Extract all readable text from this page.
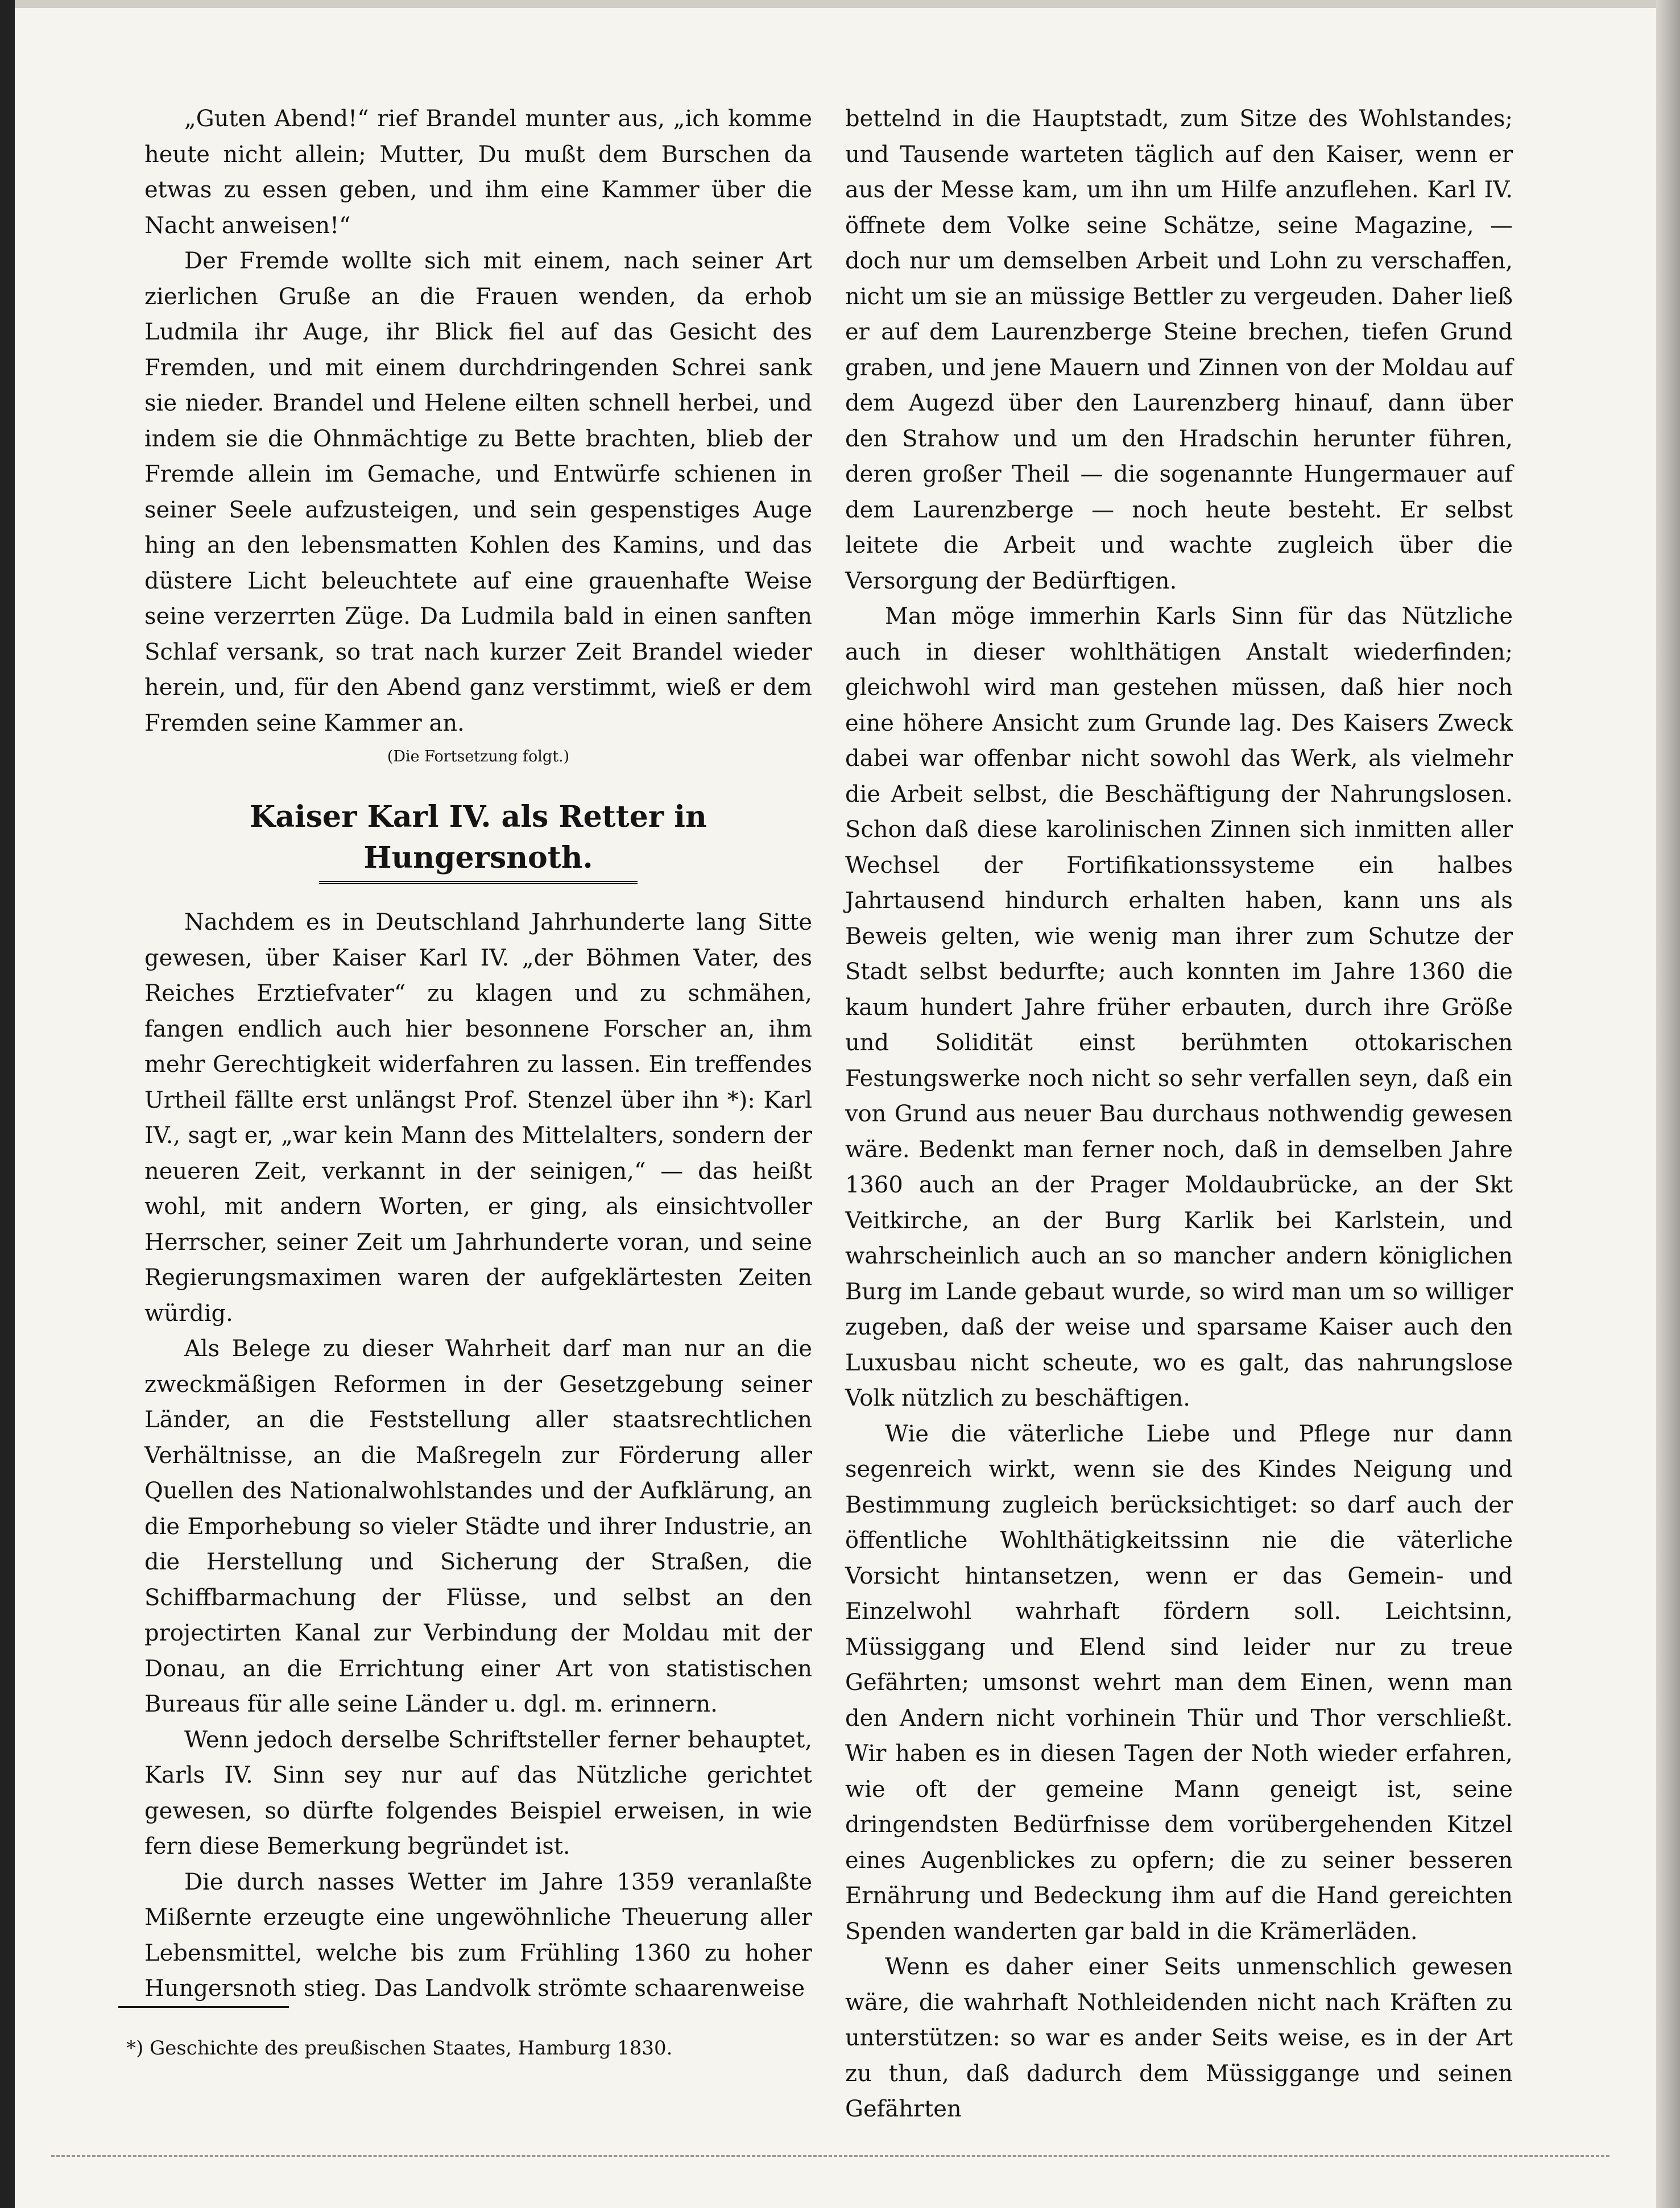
„Guten Abend!“ rief Brandel munter aus, „ich komme heute nicht allein; Mutter, Du mußt dem Burschen da etwas zu essen geben, und ihm eine Kammer über die Nacht anweisen!“

Der Fremde wollte sich mit einem, nach seiner Art zierlichen Gruße an die Frauen wenden, da erhob Ludmila ihr Auge, ihr Blick fiel auf das Gesicht des Fremden, und mit einem durchdringenden Schrei sank sie nieder. Brandel und Helene eilten schnell herbei, und indem sie die Ohnmächtige zu Bette brachten, blieb der Fremde allein im Gemache, und Entwürfe schienen in seiner Seele aufzusteigen, und sein gespenstiges Auge hing an den lebensmatten Kohlen des Kamins, und das düstere Licht beleuchtete auf eine grauenhafte Weise seine verzerrten Züge. Da Ludmila bald in einen sanften Schlaf versank, so trat nach kurzer Zeit Brandel wieder herein, und, für den Abend ganz verstimmt, wieß er dem Fremden seine Kammer an.

(Die Fortsetzung folgt.)
Kaiser Karl IV. als Retter in Hungersnoth.

Nachdem es in Deutschland Jahrhunderte lang Sitte gewesen, über Kaiser Karl IV. „der Böhmen Vater, des Reiches Erztiefvater“ zu klagen und zu schmähen, fangen endlich auch hier besonnene Forscher an, ihm mehr Gerechtigkeit widerfahren zu lassen. Ein treffendes Urtheil fällte erst unlängst Prof. Stenzel über ihn *): Karl IV., sagt er, „war kein Mann des Mittelalters, sondern der neueren Zeit, verkannt in der seinigen,“ — das heißt wohl, mit andern Worten, er ging, als einsichtvoller Herrscher, seiner Zeit um Jahrhunderte voran, und seine Regierungsmaximen waren der aufgeklärtesten Zeiten würdig.

Als Belege zu dieser Wahrheit darf man nur an die zweckmäßigen Reformen in der Gesetzgebung seiner Länder, an die Feststellung aller staatsrechtlichen Verhältnisse, an die Maßregeln zur Förderung aller Quellen des Nationalwohlstandes und der Aufklärung, an die Emporhebung so vieler Städte und ihrer Industrie, an die Herstellung und Sicherung der Straßen, die Schiffbarmachung der Flüsse, und selbst an den projectirten Kanal zur Verbindung der Moldau mit der Donau, an die Errichtung einer Art von statistischen Bureaus für alle seine Länder u. dgl. m. erinnern.

Wenn jedoch derselbe Schriftsteller ferner behauptet, Karls IV. Sinn sey nur auf das Nützliche gerichtet gewesen, so dürfte folgendes Beispiel erweisen, in wie fern diese Bemerkung begründet ist.

Die durch nasses Wetter im Jahre 1359 veranlaßte Mißernte erzeugte eine ungewöhnliche Theuerung aller Lebensmittel, welche bis zum Frühling 1360 zu hoher Hungersnoth stieg. Das Landvolk strömte schaarenweise

*) Geschichte des preußischen Staates, Hamburg 1830.

bettelnd in die Hauptstadt, zum Sitze des Wohlstandes; und Tausende warteten täglich auf den Kaiser, wenn er aus der Messe kam, um ihn um Hilfe anzuflehen. Karl IV. öffnete dem Volke seine Schätze, seine Magazine, — doch nur um demselben Arbeit und Lohn zu verschaffen, nicht um sie an müssige Bettler zu vergeuden. Daher ließ er auf dem Laurenzberge Steine brechen, tiefen Grund graben, und jene Mauern und Zinnen von der Moldau auf dem Augezd über den Laurenzberg hinauf, dann über den Strahow und um den Hradschin herunter führen, deren großer Theil — die sogenannte Hungermauer auf dem Laurenzberge — noch heute besteht. Er selbst leitete die Arbeit und wachte zugleich über die Versorgung der Bedürftigen.

Man möge immerhin Karls Sinn für das Nützliche auch in dieser wohlthätigen Anstalt wiederfinden; gleichwohl wird man gestehen müssen, daß hier noch eine höhere Ansicht zum Grunde lag. Des Kaisers Zweck dabei war offenbar nicht sowohl das Werk, als vielmehr die Arbeit selbst, die Beschäftigung der Nahrungslosen. Schon daß diese karolinischen Zinnen sich inmitten aller Wechsel der Fortifikationssysteme ein halbes Jahrtausend hindurch erhalten haben, kann uns als Beweis gelten, wie wenig man ihrer zum Schutze der Stadt selbst bedurfte; auch konnten im Jahre 1360 die kaum hundert Jahre früher erbauten, durch ihre Größe und Solidität einst berühmten ottokarischen Festungswerke noch nicht so sehr verfallen seyn, daß ein von Grund aus neuer Bau durchaus nothwendig gewesen wäre. Bedenkt man ferner noch, daß in demselben Jahre 1360 auch an der Prager Moldaubrücke, an der Skt Veitkirche, an der Burg Karlik bei Karlstein, und wahrscheinlich auch an so mancher andern königlichen Burg im Lande gebaut wurde, so wird man um so williger zugeben, daß der weise und sparsame Kaiser auch den Luxusbau nicht scheute, wo es galt, das nahrungslose Volk nützlich zu beschäftigen.

Wie die väterliche Liebe und Pflege nur dann segenreich wirkt, wenn sie des Kindes Neigung und Bestimmung zugleich berücksichtiget: so darf auch der öffentliche Wohlthätigkeitssinn nie die väterliche Vorsicht hintansetzen, wenn er das Gemein- und Einzelwohl wahrhaft fördern soll. Leichtsinn, Müssiggang und Elend sind leider nur zu treue Gefährten; umsonst wehrt man dem Einen, wenn man den Andern nicht vorhinein Thür und Thor verschließt. Wir haben es in diesen Tagen der Noth wieder erfahren, wie oft der gemeine Mann geneigt ist, seine dringendsten Bedürfnisse dem vorübergehenden Kitzel eines Augenblickes zu opfern; die zu seiner besseren Ernährung und Bedeckung ihm auf die Hand gereichten Spenden wanderten gar bald in die Krämerläden.

Wenn es daher einer Seits unmenschlich gewesen wäre, die wahrhaft Nothleidenden nicht nach Kräften zu unterstützen: so war es ander Seits weise, es in der Art zu thun, daß dadurch dem Müssiggange und seinen Gefährten
